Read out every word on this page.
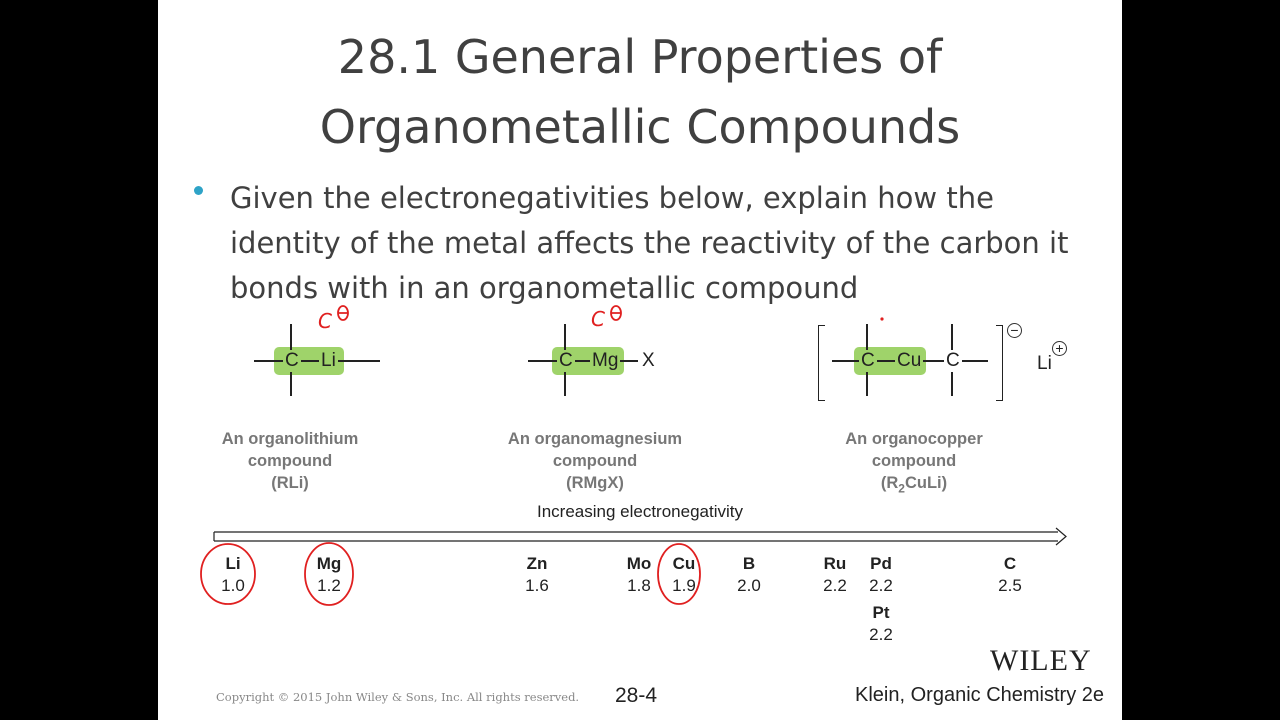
28.1 General Properties of
Organometallic Compounds
Given the electronegativities below, explain how the identity of the metal affects the reactivity of the carbon it bonds with in an organometallic compound
C Li
An organolithium
compound
(RLi)
C Mg X
An organomagnesium
compound
(RMgX)
C Cu C
−
Li
+
An organocopper
compound
$(R_2CuLi)$
Increasing electronegativity
Li
1.0
Mg
1.2
Zn
1.6
Mo
1.8
Cu
1.9
B
2.0
Ru
2.2
Pd
2.2
Pt
2.2
C
2.5
C	C
Copyright © 2015 John Wiley & Sons, Inc. All rights reserved. 28-4
WILEY
Klein, Organic Chemistry 2e
